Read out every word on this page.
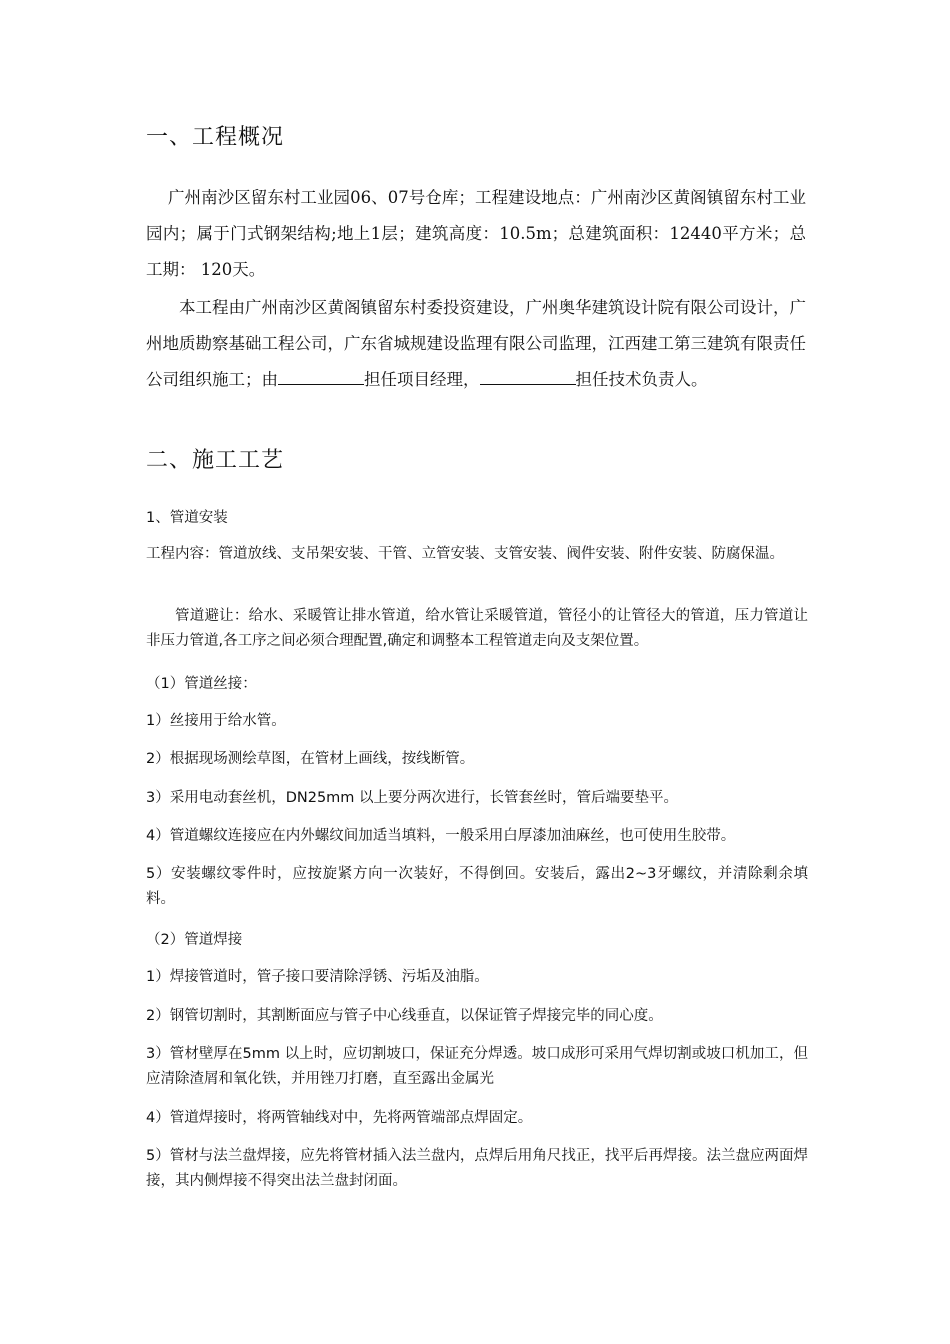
一、工程概况
广州南沙区留东村工业园06、07号仓库；工程建设地点：广州南沙区黄阁镇留东村工业园内；属于门式钢架结构;地上1层；建筑高度：10.5m；总建筑面积：12440平方米；总工期： 120天。
本工程由广州南沙区黄阁镇留东村委投资建设，广州奥华建筑设计院有限公司设计，广州地质勘察基础工程公司，广东省城规建设监理有限公司监理，江西建工第三建筑有限责任公司组织施工；由	担任项目经理，	担任技术负责人。
二、施工工艺
1、管道安装
工程内容：管道放线、支吊架安装、干管、立管安装、支管安装、阀件安装、附件安装、防腐保温。
管道避让：给水、采暖管让排水管道，给水管让采暖管道，管径小的让管径大的管道，压力管道让非压力管道,各工序之间必须合理配置,确定和调整本工程管道走向及支架位置。
（1）管道丝接：
1）丝接用于给水管。
2）根据现场测绘草图，在管材上画线，按线断管。
3）采用电动套丝机，DN25mm 以上要分两次进行，长管套丝时，管后端要垫平。
4）管道螺纹连接应在内外螺纹间加适当填料，一般采用白厚漆加油麻丝，也可使用生胶带。
5）安装螺纹零件时，应按旋紧方向一次装好，不得倒回。安装后，露出2~3牙螺纹，并清除剩余填料。
（2）管道焊接
1）焊接管道时，管子接口要清除浮锈、污垢及油脂。
2）钢管切割时，其割断面应与管子中心线垂直，以保证管子焊接完毕的同心度。
3）管材壁厚在5mm 以上时，应切割坡口，保证充分焊透。坡口成形可采用气焊切割或坡口机加工，但应清除渣屑和氧化铁，并用锉刀打磨，直至露出金属光
4）管道焊接时，将两管轴线对中，先将两管端部点焊固定。
5）管材与法兰盘焊接，应先将管材插入法兰盘内，点焊后用角尺找正，找平后再焊接。法兰盘应两面焊接，其内侧焊接不得突出法兰盘封闭面。
